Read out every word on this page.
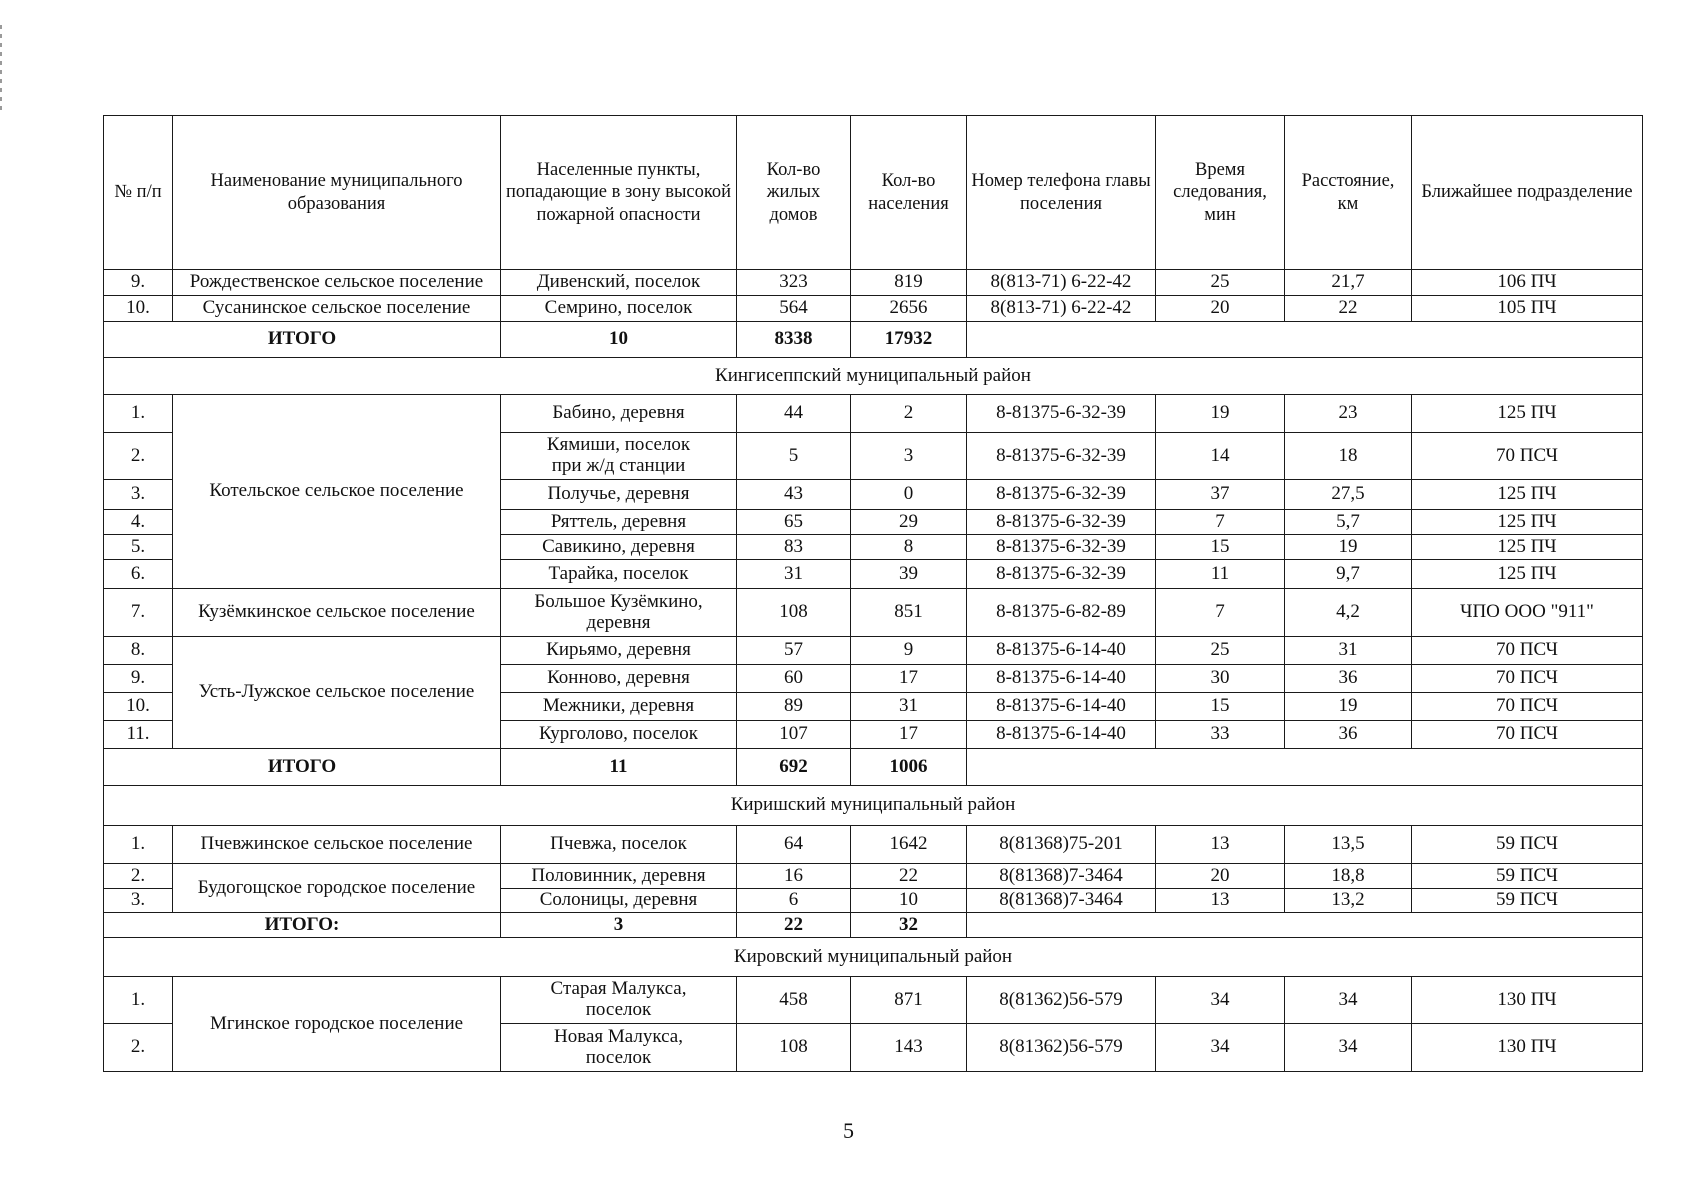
№ п/п	Наименование муниципального образования	Населенные пункты, попадающие в зону высокой пожарной опасности	Кол-во жилых домов	Кол-во населения	Номер телефона главы поселения	Время следования, мин	Расстояние, км	Ближайшее подразделение
9.	Рождественское сельское поселение	Дивенский, поселок	323	819	8(813-71) 6-22-42	25	21,7	106 ПЧ
10.	Сусанинское сельское поселение	Семрино, поселок	564	2656	8(813-71) 6-22-42	20	22	105 ПЧ
ИТОГО		10	8338	17932				
Кингисеппский муниципальный район								
1.	Котельское сельское поселение	Бабино, деревня	44	2	8-81375-6-32-39	19	23	125 ПЧ
2.		Кямиши, поселок при ж/д станции	5	3	8-81375-6-32-39	14	18	70 ПСЧ
3.		Получье, деревня	43	0	8-81375-6-32-39	37	27,5	125 ПЧ
4.		Ряттель, деревня	65	29	8-81375-6-32-39	7	5,7	125 ПЧ
5.		Савикино, деревня	83	8	8-81375-6-32-39	15	19	125 ПЧ
6.		Тарайка, поселок	31	39	8-81375-6-32-39	11	9,7	125 ПЧ
7.	Кузёмкинское сельское поселение	Большое Кузёмкино, деревня	108	851	8-81375-6-82-89	7	4,2	ЧПО ООО "911"
8.	Усть-Лужское сельское поселение	Кирьямо, деревня	57	9	8-81375-6-14-40	25	31	70 ПСЧ
9.		Конново, деревня	60	17	8-81375-6-14-40	30	36	70 ПСЧ
10.		Межники, деревня	89	31	8-81375-6-14-40	15	19	70 ПСЧ
11.		Курголово, поселок	107	17	8-81375-6-14-40	33	36	70 ПСЧ
ИТОГО		11	692	1006				
Киришский муниципальный район								
1.	Пчевжинское сельское поселение	Пчевжа, поселок	64	1642	8(81368)75-201	13	13,5	59 ПСЧ
2.	Будогощское городское поселение	Половинник, деревня	16	22	8(81368)7-3464	20	18,8	59 ПСЧ
3.		Солоницы, деревня	6	10	8(81368)7-3464	13	13,2	59 ПСЧ
ИТОГО:		3	22	32				
Кировский муниципальный район								
1.	Мгинское городское поселение	Старая Малукса, поселок	458	871	8(81362)56-579	34	34	130 ПЧ
2.		Новая Малукса, поселок	108	143	8(81362)56-579	34	34	130 ПЧ
5
